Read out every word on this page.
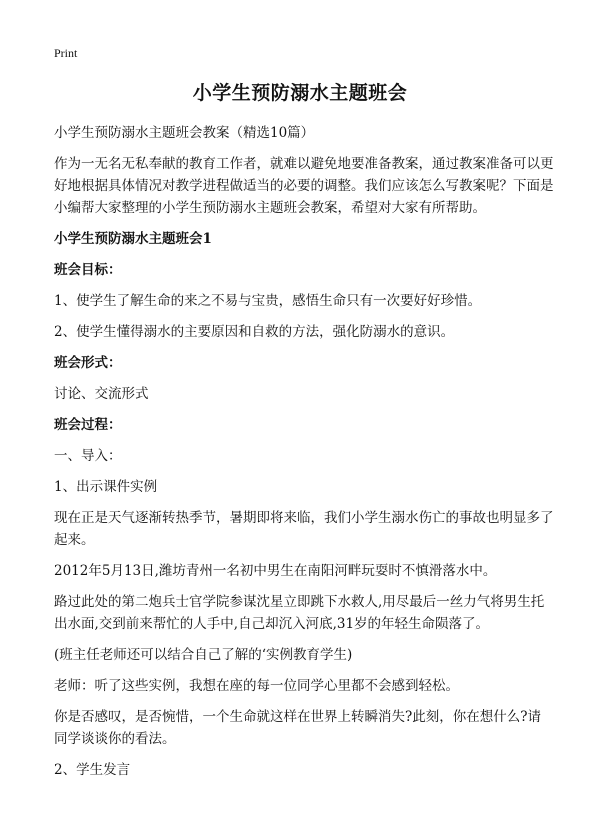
Print
小学生预防溺水主题班会

小学生预防溺水主题班会教案（精选10篇）

作为一无名无私奉献的教育工作者，就难以避免地要准备教案，通过教案准备可以更好地根据具体情况对教学进程做适当的必要的调整。我们应该怎么写教案呢？下面是小编帮大家整理的小学生预防溺水主题班会教案，希望对大家有所帮助。

小学生预防溺水主题班会1

班会目标：

1、使学生了解生命的来之不易与宝贵，感悟生命只有一次要好好珍惜。

2、使学生懂得溺水的主要原因和自救的方法，强化防溺水的意识。

班会形式：

讨论、交流形式

班会过程：

一、导入：

1、出示课件实例

现在正是天气逐渐转热季节，暑期即将来临，我们小学生溺水伤亡的事故也明显多了起来。

2012年5月13日,潍坊青州一名初中男生在南阳河畔玩耍时不慎滑落水中。

路过此处的第二炮兵士官学院参谋沈星立即跳下水救人,用尽最后一丝力气将男生托出水面,交到前来帮忙的人手中,自己却沉入河底,31岁的年轻生命陨落了。

(班主任老师还可以结合自己了解的‘实例教育学生)

老师：听了这些实例，我想在座的每一位同学心里都不会感到轻松。

你是否感叹，是否惋惜，一个生命就这样在世界上转瞬消失?此刻，你在想什么?请同学谈谈你的看法。

2、学生发言
